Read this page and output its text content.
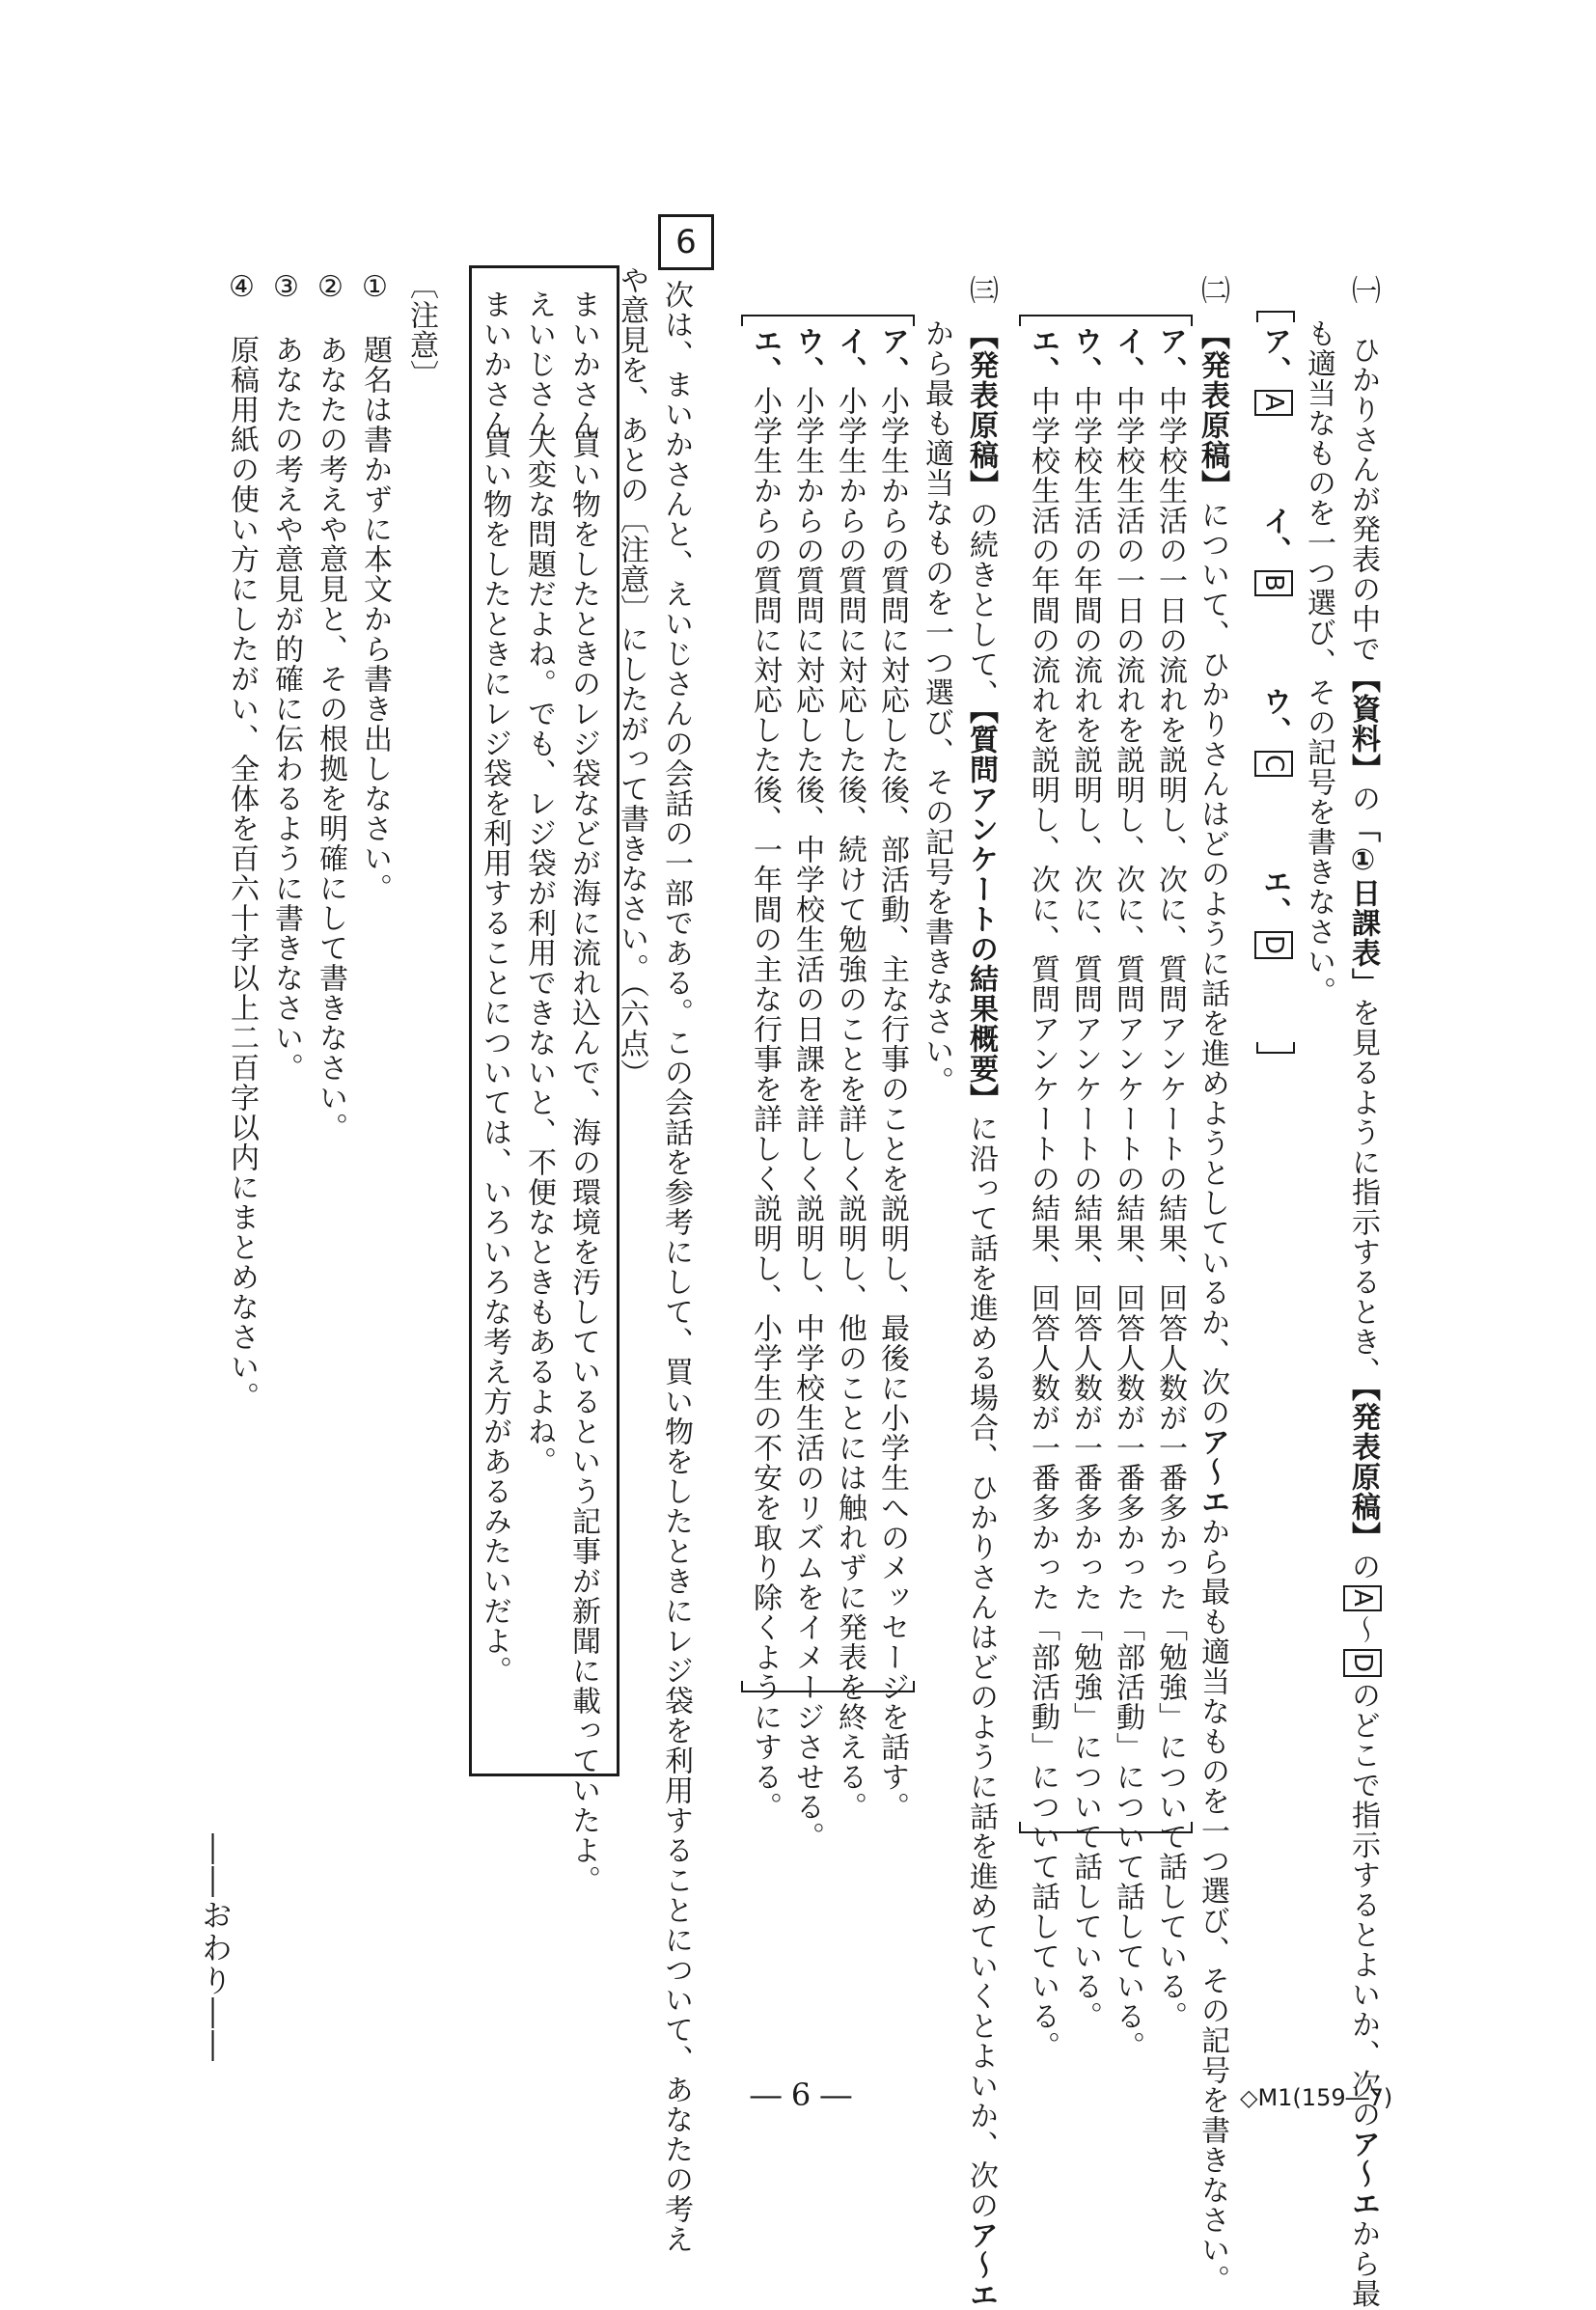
㈠　ひかりさんが発表の中で【資料】の「①日課表」を見るように指示するとき、【発表原稿】のA～Dのどこで指示するとよいか、次のア～エから最
も適当なものを一つ選び、その記号を書きなさい。
ア、Aイ、Bウ、Cエ、D
㈡　【発表原稿】について、ひかりさんはどのように話を進めようとしているか、次のア～エから最も適当なものを一つ選び、その記号を書きなさい。
ア、中学校生活の一日の流れを説明し、次に、質問アンケートの結果、回答人数が一番多かった「勉強」について話している。
イ、中学校生活の一日の流れを説明し、次に、質問アンケートの結果、回答人数が一番多かった「部活動」について話している。
ウ、中学校生活の年間の流れを説明し、次に、質問アンケートの結果、回答人数が一番多かった「勉強」について話している。
エ、中学校生活の年間の流れを説明し、次に、質問アンケートの結果、回答人数が一番多かった「部活動」について話している。
㈢　【発表原稿】の続きとして、【質問アンケートの結果概要】に沿って話を進める場合、ひかりさんはどのように話を進めていくとよいか、次のア～エ
から最も適当なものを一つ選び、その記号を書きなさい。
ア、小学生からの質問に対応した後、部活動、主な行事のことを説明し、最後に小学生へのメッセージを話す。
イ、小学生からの質問に対応した後、続けて勉強のことを詳しく説明し、他のことには触れずに発表を終える。
ウ、小学生からの質問に対応した後、中学校生活の日課を詳しく説明し、中学校生活のリズムをイメージさせる。
エ、小学生からの質問に対応した後、一年間の主な行事を詳しく説明し、小学生の不安を取り除くようにする。
6
次は、まいかさんと、えいじさんの会話の一部である。この会話を参考にして、買い物をしたときにレジ袋を利用することについて、あなたの考え
や意見を、あとの〔注意〕にしたがって書きなさい。（六点）
まいかさん買い物をしたときのレジ袋などが海に流れ込んで、海の環境を汚しているという記事が新聞に載っていたよ。
えいじさん大変な問題だよね。でも、レジ袋が利用できないと、不便なときもあるよね。
まいかさん買い物をしたときにレジ袋を利用することについては、いろいろな考え方があるみたいだよ。
〔注意〕
①　題名は書かずに本文から書き出しなさい。
②　あなたの考えや意見と、その根拠を明確にして書きなさい。
③　あなたの考えや意見が的確に伝わるように書きなさい。
④　原稿用紙の使い方にしたがい、全体を百六十字以上二百字以内にまとめなさい。
――おわり――
― 6 ―	◇M1(159―7)
